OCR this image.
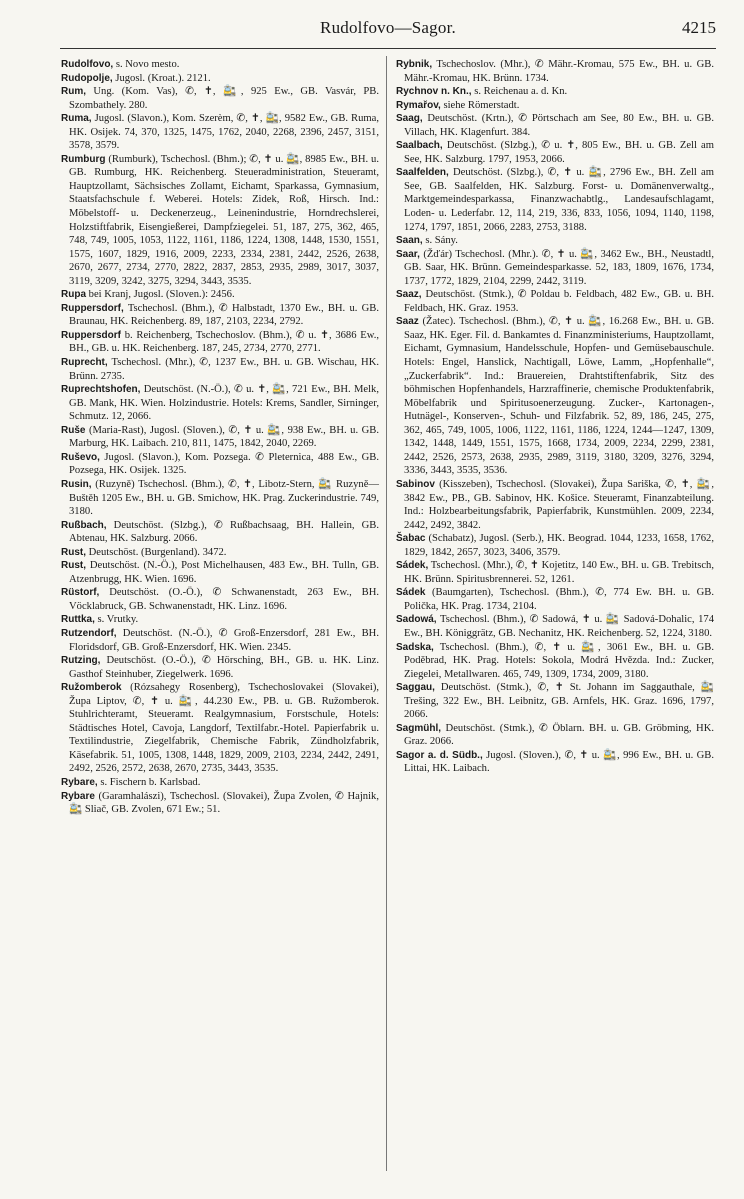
Rudolfovo—Sagor.	4215

Rudolfovo, s. Novo mesto.

Rudopolje, Jugosl. (Kroat.). 2121.

Rum, Ung. (Kom. Vas), ✆, ✝, 🚉, 925 Ew., GB. Vasvár, PB. Szombathely. 280.

Ruma, Jugosl. (Slavon.), Kom. Szerèm, ✆, ✝, 🚉, 9582 Ew., GB. Ruma, HK. Osijek. 74, 370, 1325, 1475, 1762, 2040, 2268, 2396, 2457, 3151, 3578, 3579.

Rumburg (Rumburk), Tschechosl. (Bhm.); ✆, ✝ u. 🚉, 8985 Ew., BH. u. GB. Rumburg, HK. Reichenberg. Steueradministration, Steueramt, Hauptzollamt, Sächsisches Zollamt, Eichamt, Sparkassa, Gymnasium, Staatsfachschule f. Weberei. Hotels: Zidek, Roß, Hirsch. Ind.: Möbelstoff- u. Deckenerzeug., Leinenindustrie, Horndrechslerei, Holzstiftfabrik, Eisengießerei, Dampfziegelei. 51, 187, 275, 362, 465, 748, 749, 1005, 1053, 1122, 1161, 1186, 1224, 1308, 1448, 1530, 1551, 1575, 1607, 1829, 1916, 2009, 2233, 2334, 2381, 2442, 2526, 2638, 2670, 2677, 2734, 2770, 2822, 2837, 2853, 2935, 2989, 3017, 3037, 3119, 3209, 3242, 3275, 3294, 3443, 3535.

Rupa bei Kranj, Jugosl. (Sloven.): 2456.

Ruppersdorf, Tschechosl. (Bhm.), ✆ Halbstadt, 1370 Ew., BH. u. GB. Braunau, HK. Reichenberg. 89, 187, 2103, 2234, 2792.

Ruppersdorf b. Reichenberg, Tschechoslov. (Bhm.), ✆ u. ✝, 3686 Ew., BH., GB. u. HK. Reichenberg. 187, 245, 2734, 2770, 2771.

Ruprecht, Tschechosl. (Mhr.), ✆, 1237 Ew., BH. u. GB. Wischau, HK. Brünn. 2735.

Ruprechtshofen, Deutschöst. (N.-Ö.), ✆ u. ✝, 🚉, 721 Ew., BH. Melk, GB. Mank, HK. Wien. Holzindustrie. Hotels: Krems, Sandler, Sirninger, Schmutz. 12, 2066.

Ruše (Maria-Rast), Jugosl. (Sloven.), ✆, ✝ u. 🚉, 938 Ew., BH. u. GB. Marburg, HK. Laibach. 210, 811, 1475, 1842, 2040, 2269.

Ruševo, Jugosl. (Slavon.), Kom. Pozsega. ✆ Pleternica, 488 Ew., GB. Pozsega, HK. Osijek. 1325.

Rusin, (Ruzyně) Tschechosl. (Bhm.), ✆, ✝, Libotz-Stern, 🚉 Ruzyně—Buštěh 1205 Ew., BH. u. GB. Smichow, HK. Prag. Zuckerindustrie. 749, 3180.

Rußbach, Deutschöst. (Slzbg.), ✆ Rußbachsaag, BH. Hallein, GB. Abtenau, HK. Salzburg. 2066.

Rust, Deutschöst. (Burgenland). 3472.

Rust, Deutschöst. (N.-Ö.), Post Michelhausen, 483 Ew., BH. Tulln, GB. Atzenbrugg, HK. Wien. 1696.

Rüstorf, Deutschöst. (O.-Ö.), ✆ Schwanenstadt, 263 Ew., BH. Vöcklabruck, GB. Schwanenstadt, HK. Linz. 1696.

Ruttka, s. Vrutky.

Rutzendorf, Deutschöst. (N.-Ö.), ✆ Groß-Enzersdorf, 281 Ew., BH. Floridsdorf, GB. Groß-Enzersdorf, HK. Wien. 2345.

Rutzing, Deutschöst. (O.-Ö.), ✆ Hörsching, BH., GB. u. HK. Linz. Gasthof Steinhuber, Ziegelwerk. 1696.

Ružomberok (Rózsahegy Rosenberg), Tschechoslovakei (Slovakei), Župa Liptov, ✆, ✝ u. 🚉, 44.230 Ew., PB. u. GB. Ružomberok. Stuhlrichteramt, Steueramt. Realgymnasium, Forstschule, Hotels: Städtisches Hotel, Cavoja, Langdorf, Textilfabr.-Hotel. Papierfabrik u. Textilindustrie, Ziegelfabrik, Chemische Fabrik, Zündholzfabrik, Käsefabrik. 51, 1005, 1308, 1448, 1829, 2009, 2103, 2234, 2442, 2491, 2492, 2526, 2572, 2638, 2670, 2735, 3443, 3535.

Rybare, s. Fischern b. Karlsbad.

Rybare (Garamhalászi), Tschechosl. (Slovakei), Župa Zvolen, ✆ Hajnik, 🚉 Sliač, GB. Zvolen, 671 Ew.; 51.

Rybnik, Tschechoslov. (Mhr.), ✆ Mähr.-Kromau, 575 Ew., BH. u. GB. Mähr.-Kromau, HK. Brünn. 1734.

Rychnov n. Kn., s. Reichenau a. d. Kn.

Rymařov, siehe Römerstadt.

Saag, Deutschöst. (Krtn.), ✆ Pörtschach am See, 80 Ew., BH. u. GB. Villach, HK. Klagenfurt. 384.

Saalbach, Deutschöst. (Slzbg.), ✆ u. ✝, 805 Ew., BH. u. GB. Zell am See, HK. Salzburg. 1797, 1953, 2066.

Saalfelden, Deutschöst. (Slzbg.), ✆, ✝ u. 🚉, 2796 Ew., BH. Zell am See, GB. Saalfelden, HK. Salzburg. Forst- u. Domänenverwaltg., Marktgemeindesparkassa, Finanzwachabtlg., Landesaufschlagamt, Loden- u. Lederfabr. 12, 114, 219, 336, 833, 1056, 1094, 1140, 1198, 1274, 1797, 1851, 2066, 2283, 2753, 3188.

Saan, s. Sány.

Saar, (Žďár) Tschechosl. (Mhr.). ✆, ✝ u. 🚉, 3462 Ew., BH., Neustadtl, GB. Saar, HK. Brünn. Gemeindesparkasse. 52, 183, 1809, 1676, 1734, 1737, 1772, 1829, 2104, 2299, 2442, 3119.

Saaz, Deutschöst. (Stmk.), ✆ Poldau b. Feldbach, 482 Ew., GB. u. BH. Feldbach, HK. Graz. 1953.

Saaz (Žatec). Tschechosl. (Bhm.), ✆, ✝ u. 🚉, 16.268 Ew., BH. u. GB. Saaz, HK. Eger. Fil. d. Bankamtes d. Finanzministeriums, Hauptzollamt, Eichamt, Gymnasium, Handelsschule, Hopfen- und Gemüsebauschule. Hotels: Engel, Hanslick, Nachtigall, Löwe, Lamm, „Hopfenhalle“, „Zuckerfabrik“. Ind.: Brauereien, Drahtstiftenfabrik, Sitz des böhmischen Hopfenhandels, Harzraffinerie, chemische Produktenfabrik, Möbelfabrik und Spiritusoenerzeugung. Zucker-, Kartonagen-, Hutnägel-, Konserven-, Schuh- und Filzfabrik. 52, 89, 186, 245, 275, 362, 465, 749, 1005, 1006, 1122, 1161, 1186, 1224, 1244—1247, 1309, 1342, 1448, 1449, 1551, 1575, 1668, 1734, 2009, 2234, 2299, 2381, 2442, 2526, 2573, 2638, 2935, 2989, 3119, 3180, 3209, 3276, 3294, 3336, 3443, 3535, 3536.

Sabinov (Kisszeben), Tschechosl. (Slovakei), Župa Sariška, ✆, ✝, 🚉, 3842 Ew., PB., GB. Sabinov, HK. Košice. Steueramt, Finanzabteilung. Ind.: Holzbearbeitungsfabrik, Papierfabrik, Kunstmühlen. 2009, 2234, 2442, 2492, 3842.

Šabac (Schabatz), Jugosl. (Serb.), HK. Beograd. 1044, 1233, 1658, 1762, 1829, 1842, 2657, 3023, 3406, 3579.

Sádek, Tschechosl. (Mhr.), ✆, ✝ Kojetitz, 140 Ew., BH. u. GB. Trebitsch, HK. Brünn. Spiritusbrennerei. 52, 1261.

Sádek (Baumgarten), Tschechosl. (Bhm.), ✆, 774 Ew. BH. u. GB. Polička, HK. Prag. 1734, 2104.

Sadowá, Tschechosl. (Bhm.), ✆ Sadowá, ✝ u. 🚉 Sadová-Dohalic, 174 Ew., BH. Königgrätz, GB. Nechanitz, HK. Reichenberg. 52, 1224, 3180.

Sadska, Tschechosl. (Bhm.), ✆, ✝ u. 🚉, 3061 Ew., BH. u. GB. Poděbrad, HK. Prag. Hotels: Sokola, Modrá Hvězda. Ind.: Zucker, Ziegelei, Metallwaren. 465, 749, 1309, 1734, 2009, 3180.

Saggau, Deutschöst. (Stmk.), ✆, ✝ St. Johann im Saggauthale, 🚉 Trešing, 322 Ew., BH. Leibnitz, GB. Arnfels, HK. Graz. 1696, 1797, 2066.

Sagmühl, Deutschöst. (Stmk.), ✆ Öblarn. BH. u. GB. Gröbming, HK. Graz. 2066.

Sagor a. d. Südb., Jugosl. (Sloven.), ✆, ✝ u. 🚉, 996 Ew., BH. u. GB. Littai, HK. Laibach.
